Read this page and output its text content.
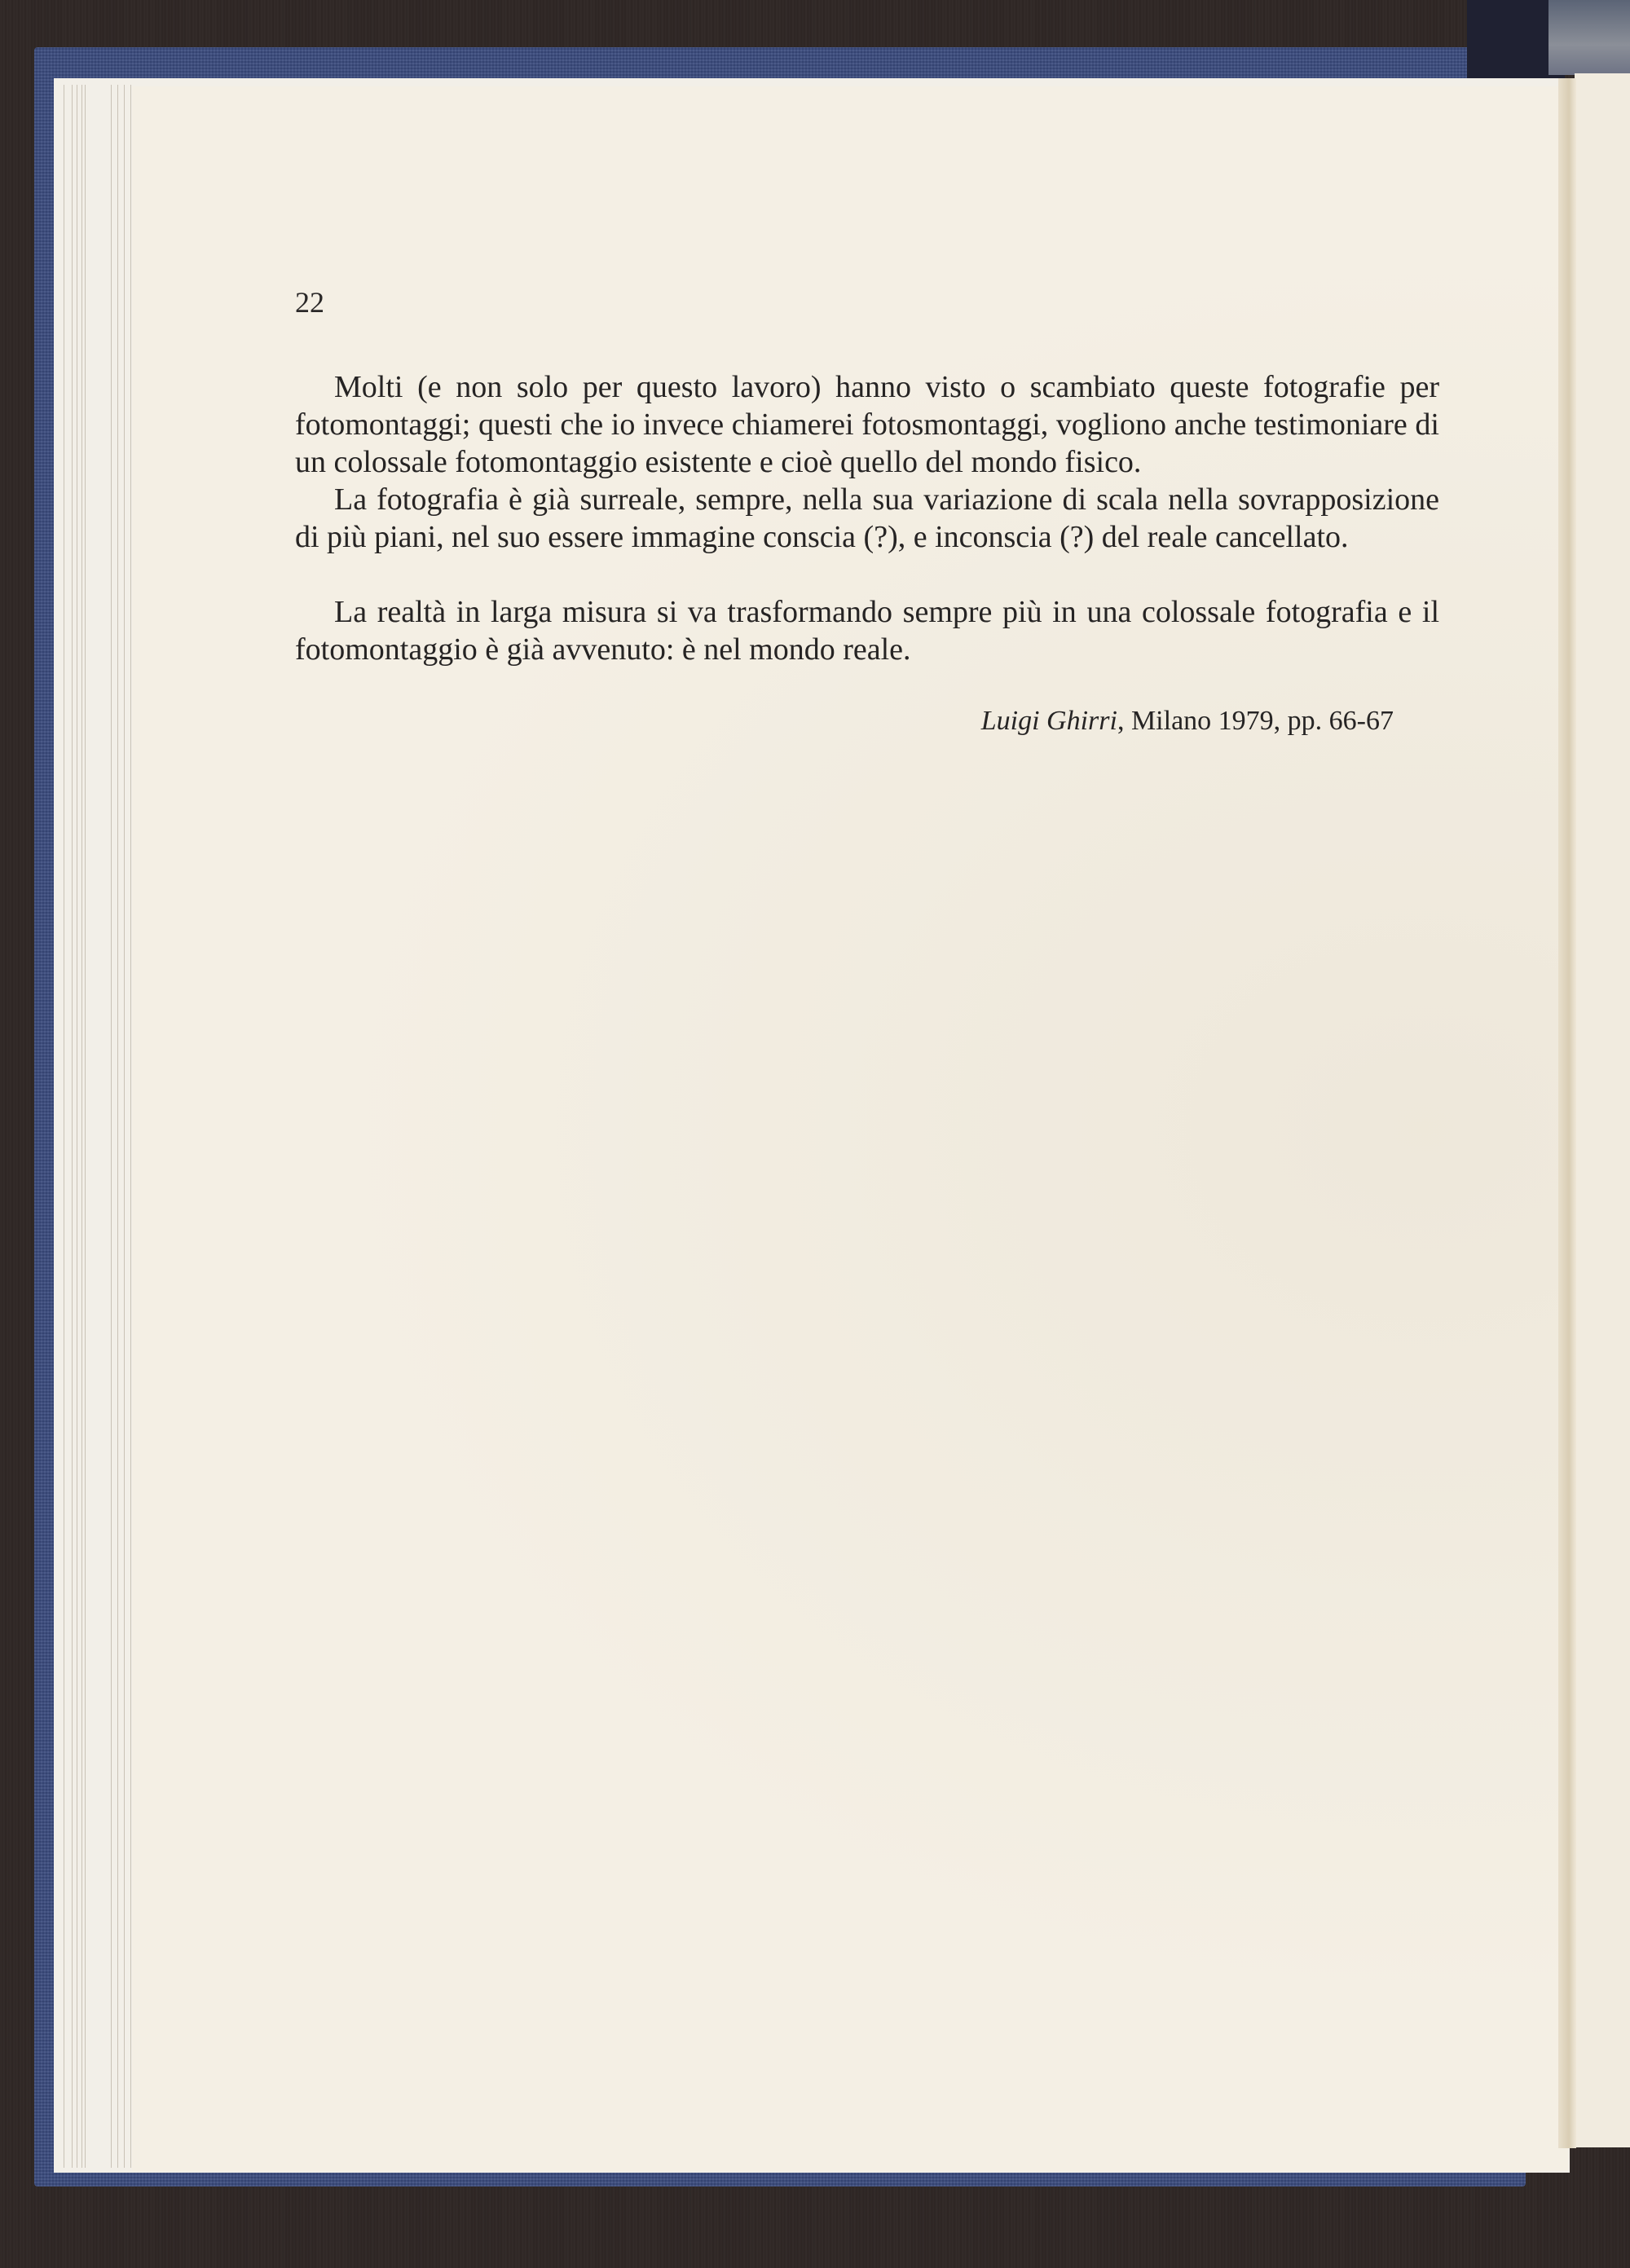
22

Molti (e non solo per questo lavoro) hanno visto o scambiato queste fotografie per fotomontaggi; questi che io invece chiamerei fotosmontaggi, vogliono anche testimoniare di un colossale fotomontaggio esistente e cioè quello del mondo fisico.

La fotografia è già surreale, sempre, nella sua variazione di scala nella sovrapposizione di più piani, nel suo essere immagine conscia (?), e inconscia (?) del reale cancellato.

La realtà in larga misura si va trasformando sempre più in una colossale fotografia e il fotomontaggio è già avvenuto: è nel mondo reale.

Luigi Ghirri, Milano 1979, pp. 66-67
